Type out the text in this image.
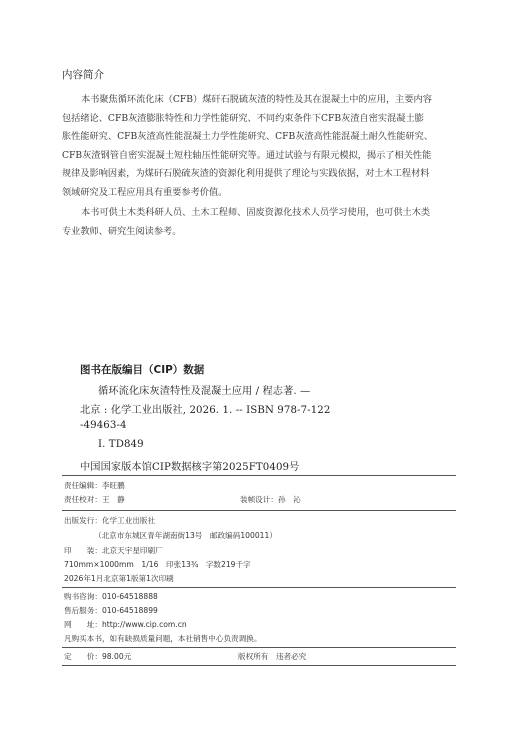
内容简介
本书聚焦循环流化床（CFB）煤矸石脱硫灰渣的特性及其在混凝土中的应用，主要内容
包括绪论、CFB灰渣膨胀特性和力学性能研究、不同约束条件下CFB灰渣自密实混凝土膨
胀性能研究、CFB灰渣高性能混凝土力学性能研究、CFB灰渣高性能混凝土耐久性能研究、
CFB灰渣钢管自密实混凝土短柱轴压性能研究等。通过试验与有限元模拟，揭示了相关性能
规律及影响因素，为煤矸石脱硫灰渣的资源化利用提供了理论与实践依据，对土木工程材料
领域研究及工程应用具有重要参考价值。
本书可供土木类科研人员、土木工程师、固废资源化技术人员学习使用，也可供土木类
专业教师、研究生阅读参考。
图书在版编目（CIP）数据
循环流化床灰渣特性及混凝土应用 / 程志著. —
北京 : 化学工业出版社, 2026. 1. -- ISBN 978-7-122
-49463-4
Ⅰ. TD849
中国国家版本馆CIP数据核字第2025FT0409号
责任编辑：李旺鹏
责任校对：王　静	装帧设计：孙　沁
出版发行：化学工业出版社
（北京市东城区青年湖南街13号　邮政编码100011）
印　　装：北京天宇星印刷厂
710mm×1000mm　1/16　印张13¾　字数219千字
2026年1月北京第1版第1次印刷
购书咨询：010-64518888
售后服务：010-64518899
网　　址：http://www.cip.com.cn
凡购买本书，如有缺损质量问题，本社销售中心负责调换。
定　　价：98.00元	版权所有　违者必究
